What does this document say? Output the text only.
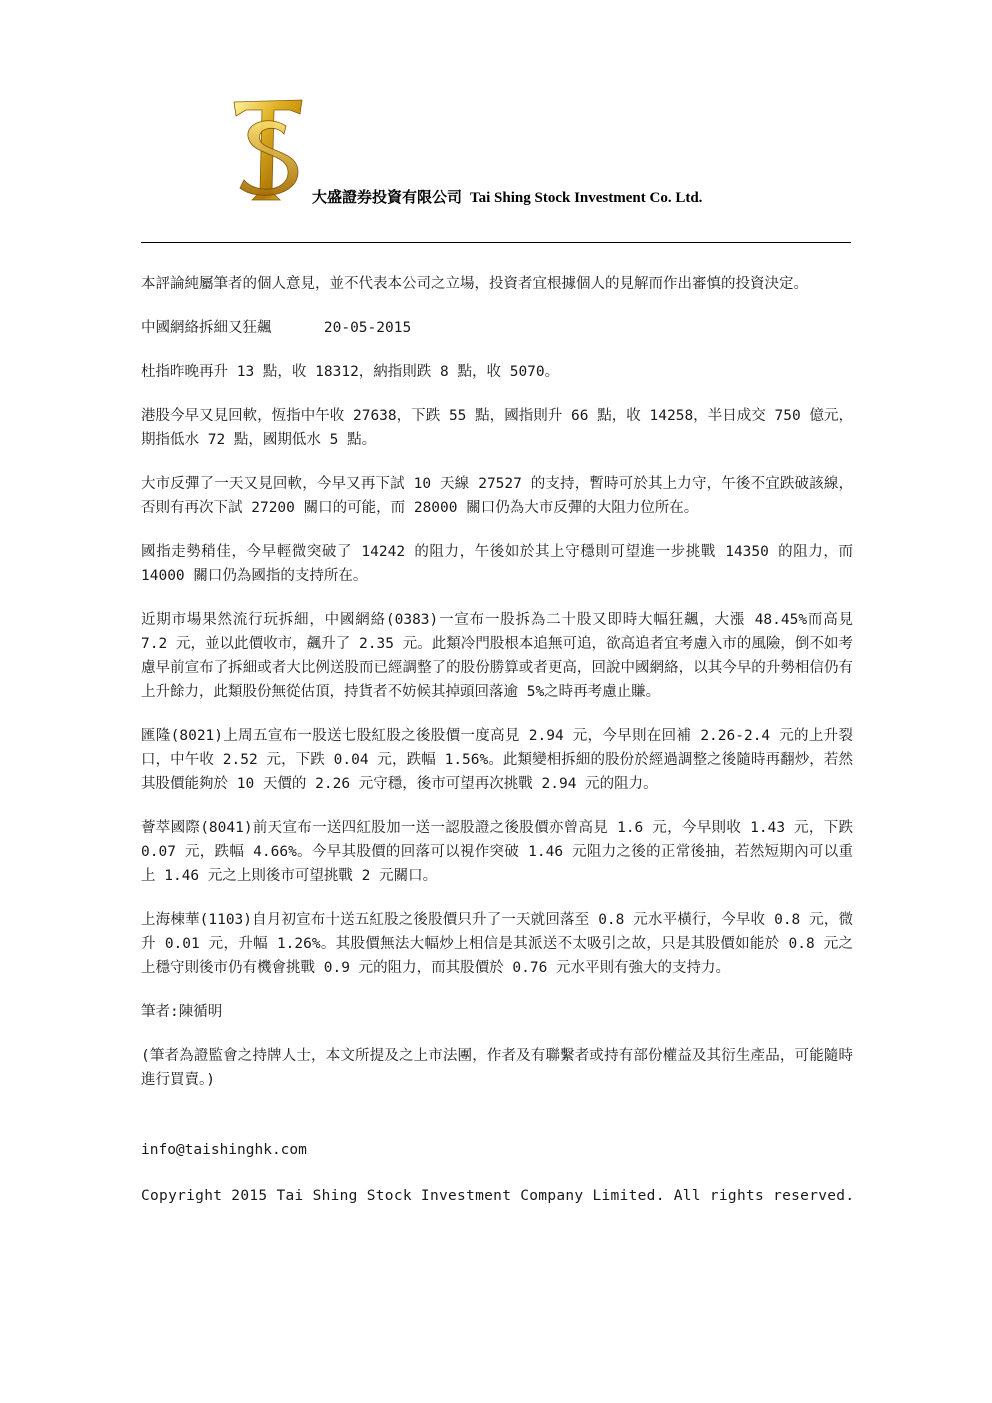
大盛證券投資有限公司 Tai Shing Stock Investment Co. Ltd.

本評論純屬筆者的個人意見，並不代表本公司之立場，投資者宜根據個人的見解而作出審慎的投資決定。

中國網絡拆細又狂飆	20-05-2015

杜指昨晚再升 13 點，收 18312，納指則跌 8 點，收 5070。

港股今早又見回軟，恆指中午收 27638，下跌 55 點，國指則升 66 點，收 14258，半日成交 750 億元，期指低水 72 點，國期低水 5 點。

大市反彈了一天又見回軟，今早又再下試 10 天線 27527 的支持，暫時可於其上力守，午後不宜跌破該線，否則有再次下試 27200 關口的可能，而 28000 關口仍為大市反彈的大阻力位所在。

國指走勢稍佳，今早輕微突破了 14242 的阻力，午後如於其上守穩則可望進一步挑戰 14350 的阻力，而 14000 關口仍為國指的支持所在。

近期市場果然流行玩拆細，中國網絡(0383)一宣布一股拆為二十股又即時大幅狂飆，大漲 48.45%而高見 7.2 元，並以此價收市，飆升了 2.35 元。此類冷門股根本追無可追，欲高追者宜考慮入市的風險，倒不如考慮早前宣布了拆細或者大比例送股而已經調整了的股份勝算或者更高，回說中國網絡，以其今早的升勢相信仍有上升餘力，此類股份無從估頂，持貨者不妨候其掉頭回落逾 5%之時再考慮止賺。

匯隆(8021)上周五宣布一股送七股紅股之後股價一度高見 2.94 元，今早則在回補 2.26-2.4 元的上升裂口，中午收 2.52 元，下跌 0.04 元，跌幅 1.56%。此類變相拆細的股份於經過調整之後隨時再翻炒，若然其股價能夠於 10 天價的 2.26 元守穩，後市可望再次挑戰 2.94 元的阻力。

薈萃國際(8041)前天宣布一送四紅股加一送一認股證之後股價亦曾高見 1.6 元，今早則收 1.43 元，下跌 0.07 元，跌幅 4.66%。今早其股價的回落可以視作突破 1.46 元阻力之後的正常後抽，若然短期內可以重上 1.46 元之上則後市可望挑戰 2 元關口。

上海棟華(1103)自月初宣布十送五紅股之後股價只升了一天就回落至 0.8 元水平橫行，今早收 0.8 元，微升 0.01 元，升幅 1.26%。其股價無法大幅炒上相信是其派送不太吸引之故，只是其股價如能於 0.8 元之上穩守則後市仍有機會挑戰 0.9 元的阻力，而其股價於 0.76 元水平則有強大的支持力。

筆者:陳循明

(筆者為證監會之持牌人士，本文所提及之上市法團，作者及有聯繫者或持有部份權益及其衍生產品，可能隨時進行買賣。)

info@taishinghk.com

Copyright 2015 Tai Shing Stock Investment Company Limited. All rights reserved.
